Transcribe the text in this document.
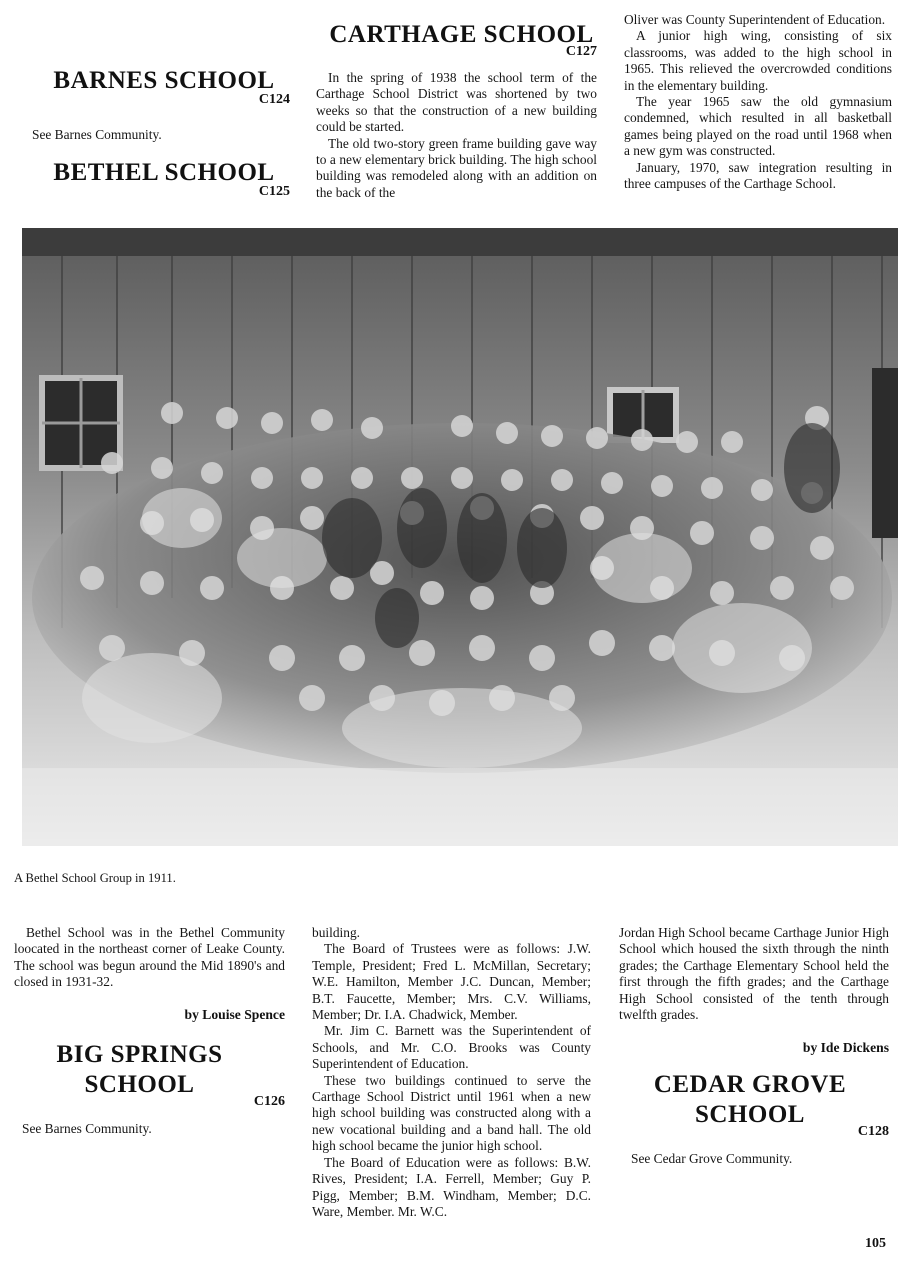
BARNES SCHOOL
C124
See Barnes Community.
BETHEL SCHOOL
C125
CARTHAGE SCHOOL
C127

In the spring of 1938 the school term of the Carthage School District was shortened by two weeks so that the construction of a new building could be started.

The old two-story green frame building gave way to a new elementary brick building. The high school building was remodeled along with an addition on the back of the

Oliver was County Superintendent of Education.

A junior high wing, consisting of six classrooms, was added to the high school in 1965. This relieved the overcrowded conditions in the elementary building.

The year 1965 saw the old gymnasium condemned, which resulted in all basketball games being played on the road until 1968 when a new gym was constructed.

January, 1970, saw integration resulting in three campuses of the Carthage School.

A Bethel School Group in 1911.

Bethel School was in the Bethel Community loocated in the northeast corner of Leake County. The school was begun around the Mid 1890's and closed in 1931-32.

by Louise Spence
BIG SPRINGS
SCHOOL
C126
See Barnes Community.

building.

The Board of Trustees were as follows: J.W. Temple, President; Fred L. McMillan, Secretary; W.E. Hamilton, Member J.C. Duncan, Member; B.T. Faucette, Member; Mrs. C.V. Williams, Member; Dr. I.A. Chadwick, Member.

Mr. Jim C. Barnett was the Superintendent of Schools, and Mr. C.O. Brooks was County Superintendent of Education.

These two buildings continued to serve the Carthage School District until 1961 when a new high school building was constructed along with a new vocational building and a band hall. The old high school became the junior high school.

The Board of Education were as follows: B.W. Rives, President; I.A. Ferrell, Member; Guy P. Pigg, Member; B.M. Windham, Member; D.C. Ware, Member. Mr. W.C.

Jordan High School became Carthage Junior High School which housed the sixth through the ninth grades; the Carthage Elementary School held the first through the fifth grades; and the Carthage High School consisted of the tenth through twelfth grades.

by Ide Dickens
CEDAR GROVE
SCHOOL
C128
See Cedar Grove Community.
105
